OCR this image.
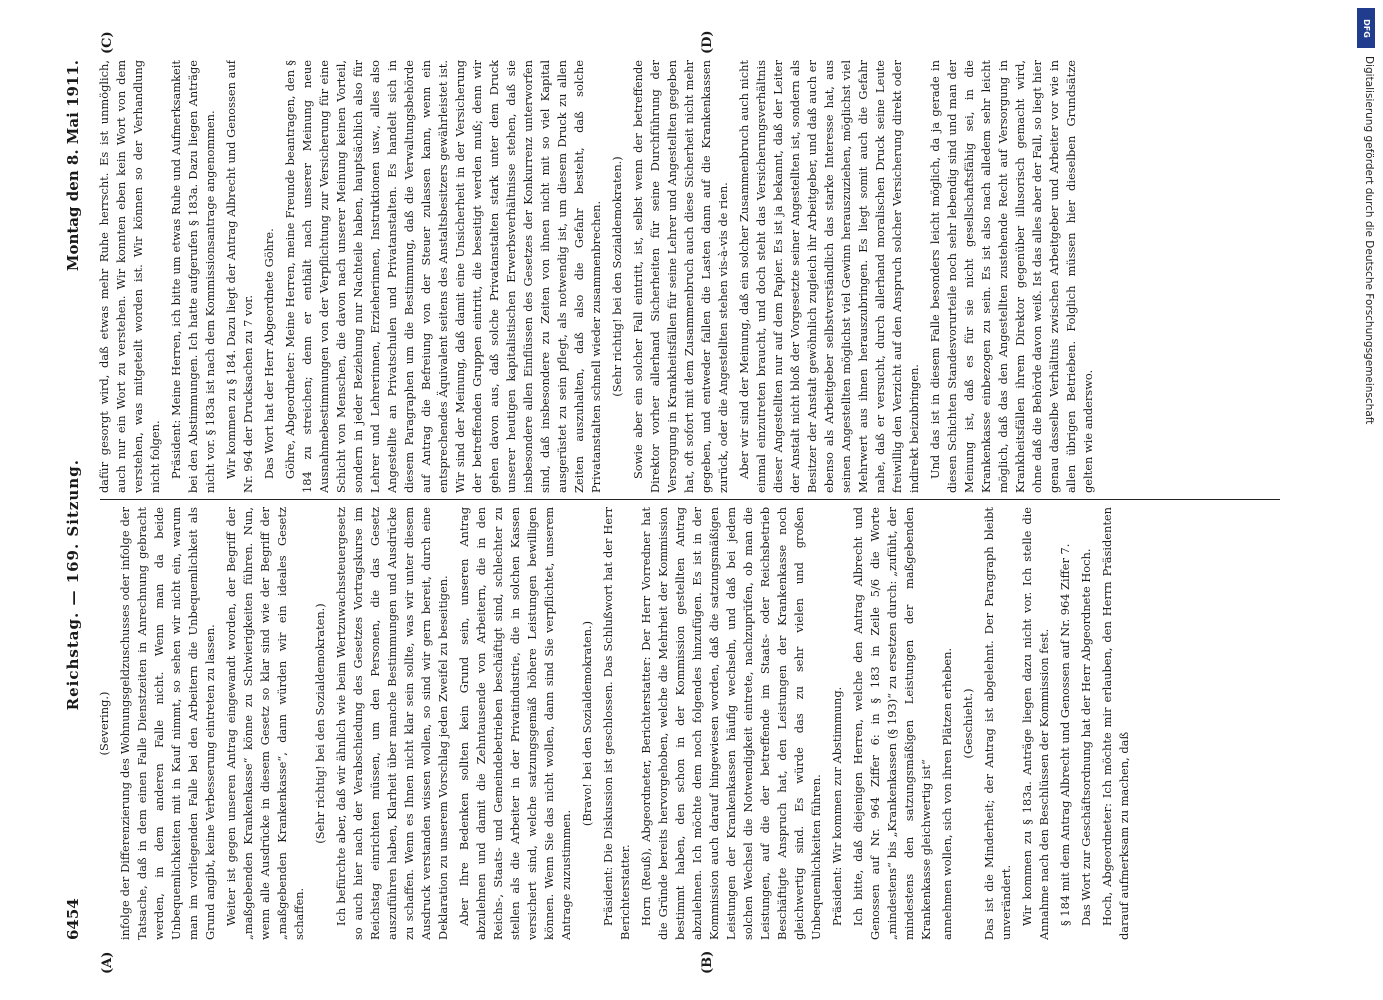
6454
Reichstag. — 169. Sitzung.
Montag den 8. Mai 1911.

(Severing.) infolge der Differenzierung des Wohnungsgeldzuschusses oder infolge der Tatsache, daß in dem einen Falle Dienstzeiten in Anrechnung gebracht werden, in dem anderen Falle nicht. Wenn man da beide Unbequemlichkeiten mit in Kauf nimmt, so sehen wir nicht ein, warum man im vorliegenden Falle bei den Arbeitern die Unbequemlichkeit als Grund angibt, keine Verbesserung eintreten zu lassen. Weiter ist gegen unseren Antrag eingewandt worden, der Begriff der „maßgebenden Krankenkasse“ könne zu Schwierigkeiten führen. Nun, wenn alle Ausdrücke in diesem Gesetz so klar sind wie der Begriff der „maßgebenden Krankenkasse“, dann würden wir ein ideales Gesetz schaffen.

(Sehr richtig! bei den Sozialdemokraten.) Ich befürchte aber, daß wir ähnlich wie beim Wertzuwachssteuergesetz so auch hier nach der Verabschiedung des Gesetzes Vortragskurse im Reichstag einrichten müssen, um den Personen, die das Gesetz auszuführen haben, Klarheit über manche Bestimmungen und Ausdrücke zu schaffen. Wenn es Ihnen nicht klar sein sollte, was wir unter diesem Ausdruck verstanden wissen wollen, so sind wir gern bereit, durch eine Deklaration zu unserem Vorschlag jeden Zweifel zu beseitigen. Aber Ihre Bedenken sollten kein Grund sein, unseren Antrag abzulehnen und damit die Zehntausende von Arbeitern, die in den Reichs-, Staats- und Gemeindebetrieben beschäftigt sind, schlechter zu stellen als die Arbeiter in der Privatindustrie, die in solchen Kassen versichert sind, welche satzungsgemäß höhere Leistungen bewilligen können. Wenn Sie das nicht wollen, dann sind Sie verpflichtet, unserem Antrage zuzustimmen.

(Bravo! bei den Sozialdemokraten.) Präsident: Die Diskussion ist geschlossen. Das Schlußwort hat der Herr Berichterstatter. Horn (Reuß), Abgeordneter, Berichterstatter: Der Herr Vorredner hat die Gründe bereits hervorgehoben, welche die Mehrheit der Kommission bestimmt haben, den schon in der Kommission gestellten Antrag abzulehnen. Ich möchte dem noch folgendes hinzufügen. Es ist in der Kommission auch darauf hingewiesen worden, daß die satzungsmäßigen Leistungen der Krankenkassen häufig wechseln, und daß bei jedem solchen Wechsel die Notwendigkeit eintrete, nachzuprüfen, ob man die Leistungen, auf die der betreffende im Staats- oder Reichsbetrieb Beschäftigte Anspruch hat, den Leistungen der Krankenkasse noch gleichwertig sind. Es würde das zu sehr vielen und großen Unbequemlichkeiten führen. Präsident: Wir kommen zur Abstimmung. Ich bitte, daß diejenigen Herren, welche den Antrag Albrecht und Genossen auf Nr. 964 Ziffer 6: in § 183 in Zeile 5/6 die Worte „mindestens“ bis „Krankenkassen (§ 193)“ zu ersetzen durch: „zufüht, der mindestens den satzungsmäßigen Leistungen der maßgebenden Krankenkasse gleichwertig ist“ annehmen wollen, sich von ihren Plätzen erheben. (Geschieht.) Das ist die Minderheit; der Antrag ist abgelehnt. Der Paragraph bleibt unverändert. Wir kommen zu § 183a. Anträge liegen dazu nicht vor. Ich stelle die Annahme nach den Beschlüssen der Kommission fest. § 184 mit dem Antrag Albrecht und Genossen auf Nr. 964 Ziffer 7. Das Wort zur Geschäftsordnung hat der Herr Abgeordnete Hoch. Hoch, Abgeordneter: Ich möchte mir erlauben, den Herrn Präsidenten darauf aufmerksam zu machen, daß

dafür gesorgt wird, daß etwas mehr Ruhe herrscht. Es ist unmöglich, auch nur ein Wort zu verstehen. Wir konnten eben kein Wort von dem verstehen, was mitgeteilt worden ist. Wir können so der Verhandlung nicht folgen. Präsident: Meine Herren, ich bitte um etwas Ruhe und Aufmerksamkeit bei den Abstimmungen. Ich hatte aufgerufen § 183a. Dazu liegen Anträge nicht vor. § 183a ist nach dem Kommissionsantrage angenommen. Wir kommen zu § 184. Dazu liegt der Antrag Albrecht und Genossen auf Nr. 964 der Drucksachen zu 7 vor. Das Wort hat der Herr Abgeordnete Göhre. Göhre, Abgeordneter: Meine Herren, meine Freunde beantragen, den § 184 zu streichen; denn er enthält nach unserer Meinung neue Ausnahmebestimmungen von der Verpflichtung zur Versicherung für eine Schicht von Menschen, die davon nach unserer Meinung keinen Vorteil, sondern in jeder Beziehung nur Nachteile haben, hauptsächlich also für Lehrer und Lehrerinnen, Erzieherinnen, Instruktionen usw., alles also Angestellte an Privatschulen und Privatanstalten. Es handelt sich in diesem Paragraphen um die Bestimmung, daß die Verwaltungsbehörde auf Antrag die Befreiung von der Steuer zulassen kann, wenn ein entsprechendes Äquivalent seitens des Anstaltsbesitzers gewährleistet ist. Wir sind der Meinung, daß damit eine Unsicherheit in der Versicherung der betreffenden Gruppen eintritt, die beseitigt werden muß; denn wir gehen davon aus, daß solche Privatanstalten stark unter dem Druck unserer heutigen kapitalistischen Erwerbsverhältnisse stehen, daß sie insbesondere allen Einflüssen des Gesetzes der Konkurrenz unterworfen sind, daß insbesondere zu Zeiten von ihnen nicht mit so viel Kapital ausgerüstet zu sein pflegt, als notwendig ist, um diesem Druck zu allen Zeiten auszuhalten, daß also die Gefahr besteht, daß solche Privatanstalten schnell wieder zusammenbrechen. (Sehr richtig! bei den Sozialdemokraten.) Sowie aber ein solcher Fall eintritt, ist, selbst wenn der betreffende Direktor vorher allerhand Sicherheiten für seine Durchführung der Versorgung in Krankheitsfällen für seine Lehrer und Angestellten gegeben hat, oft sofort mit dem Zusammenbruch auch diese Sicherheit nicht mehr gegeben, und entweder fallen die Lasten dann auf die Krankenkassen zurück, oder die Angestellten stehen vis-à-vis de rien. Aber wir sind der Meinung, daß ein solcher Zusammenbruch auch nicht einmal einzutreten braucht, und doch steht das Versicherungsverhältnis dieser Angestellten nur auf dem Papier. Es ist ja bekannt, daß der Leiter der Anstalt nicht bloß der Vorgesetzte seiner Angestellten ist, sondern als Besitzer der Anstalt gewöhnlich zugleich ihr Arbeitgeber, und daß auch er ebenso als Arbeitgeber selbstverständlich das starke Interesse hat, aus seinen Angestellten möglichst viel Gewinn herauszuziehen, möglichst viel Mehrwert aus ihnen herauszubringen. Es liegt somit auch die Gefahr nahe, daß er versucht, durch allerhand moralischen Druck seine Leute freiwillig den Verzicht auf den Anspruch solcher Versicherung direkt oder indirekt beizubringen. Und das ist in diesem Falle besonders leicht möglich, da ja gerade in diesen Schichten Standesvorurteile noch sehr lebendig sind und man der Meinung ist, daß es für sie nicht gesellschaftsfähig sei, in die Krankenkasse einbezogen zu sein. Es ist also nach alledem sehr leicht möglich, daß das den Angestellten zustehende Recht auf Versorgung in Krankheitsfällen ihrem Direktor gegenüber illusorisch gemacht wird, ohne daß die Behörde davon weiß. Ist das alles aber der Fall, so liegt hier genau dasselbe Verhältnis zwischen Arbeitgeber und Arbeiter vor wie in allen übrigen Betrieben. Folglich müssen hier dieselben Grundsätze gelten wie anderswo.

(A)	(B)
(C)	(D)
DFG
Digitalisierung gefördert durch die Deutsche Forschungsgemeinschaft
